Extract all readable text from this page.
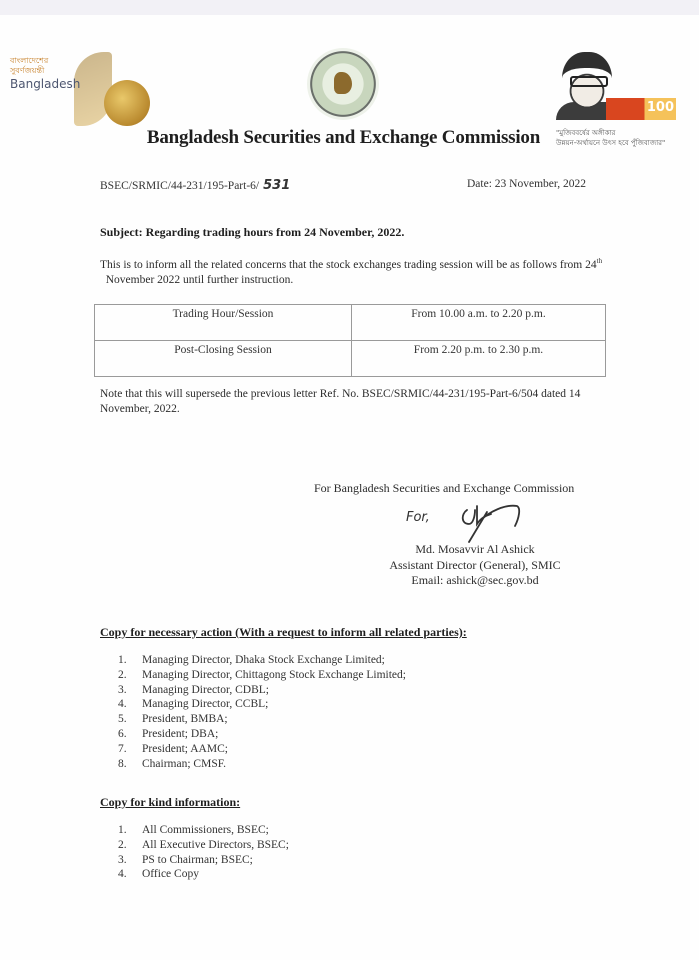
বাংলাদেশের সুবর্ণজয়ন্তী
Bangladesh
100
"মুজিববর্ষের অঙ্গীকার
উন্নয়ন-অর্থায়নে উৎস হবে পুঁজিবাজার"
Bangladesh Securities and Exchange Commission
BSEC/SRMIC/44-231/195-Part-6/ 531	Date: 23 November, 2022
Subject: Regarding trading hours from 24 November, 2022.
This is to inform all the related concerns that the stock exchanges trading session will be as follows from 24th  November 2022 until further instruction.
Trading Hour/Session	From 10.00 a.m. to 2.20 p.m.
Post-Closing Session	From 2.20 p.m. to 2.30 p.m.
Note that this will supersede the previous letter Ref. No. BSEC/SRMIC/44-231/195-Part-6/504 dated 14 November, 2022.
For Bangladesh Securities and Exchange Commission
For,
Md. Mosavvir Al Ashick
Assistant Director (General), SMIC
Email: ashick@sec.gov.bd
Copy for necessary action (With a request to inform all related parties):
1.	Managing Director, Dhaka Stock Exchange Limited;
2.	Managing Director, Chittagong Stock Exchange Limited;
3.	Managing Director, CDBL;
4.	Managing Director, CCBL;
5.	President, BMBA;
6.	President; DBA;
7.	President; AAMC;
8.	Chairman; CMSF.
Copy for kind information:
1.	All Commissioners, BSEC;
2.	All Executive Directors, BSEC;
3.	PS to Chairman; BSEC;
4.	Office Copy
